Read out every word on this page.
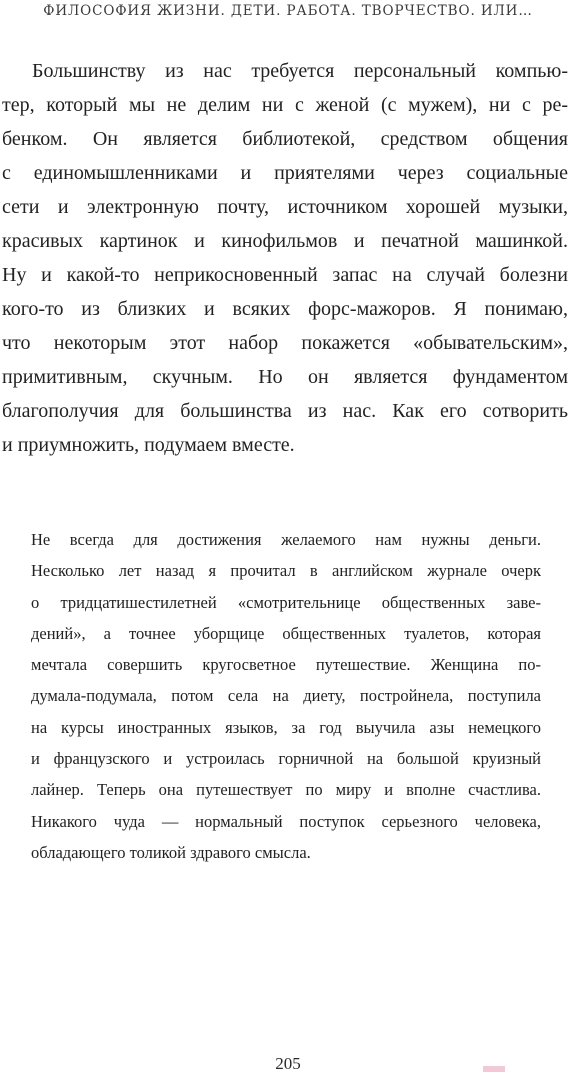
ФИЛОСОФИЯ ЖИЗНИ. ДЕТИ. РАБОТА. ТВОРЧЕСТВО. ИЛИ…
Большинству из нас требуется персональный компью-
тер, который мы не делим ни с женой (с мужем), ни с ре-
бенком. Он является библиотекой, средством общения
с единомышленниками и приятелями через социальные
сети и электронную почту, источником хорошей музыки,
красивых картинок и кинофильмов и печатной машинкой.
Ну и какой-то неприкосновенный запас на случай болезни
кого-то из близких и всяких форс-мажоров. Я понимаю,
что некоторым этот набор покажется «обывательским»,
примитивным, скучным. Но он является фундаментом
благополучия для большинства из нас. Как его сотворить
и приумножить, подумаем вместе.
Не всегда для достижения желаемого нам нужны деньги.
Несколько лет назад я прочитал в английском журнале очерк
о тридцатишестилетней «смотрительнице общественных заве-
дений», а точнее уборщице общественных туалетов, которая
мечтала совершить кругосветное путешествие. Женщина по-
думала-подумала, потом села на диету, постройнела, поступила
на курсы иностранных языков, за год выучила азы немецкого
и французского и устроилась горничной на большой круизный
лайнер. Теперь она путешествует по миру и вполне счастлива.
Никакого чуда — нормальный поступок серьезного человека,
обладающего толикой здравого смысла.
205
